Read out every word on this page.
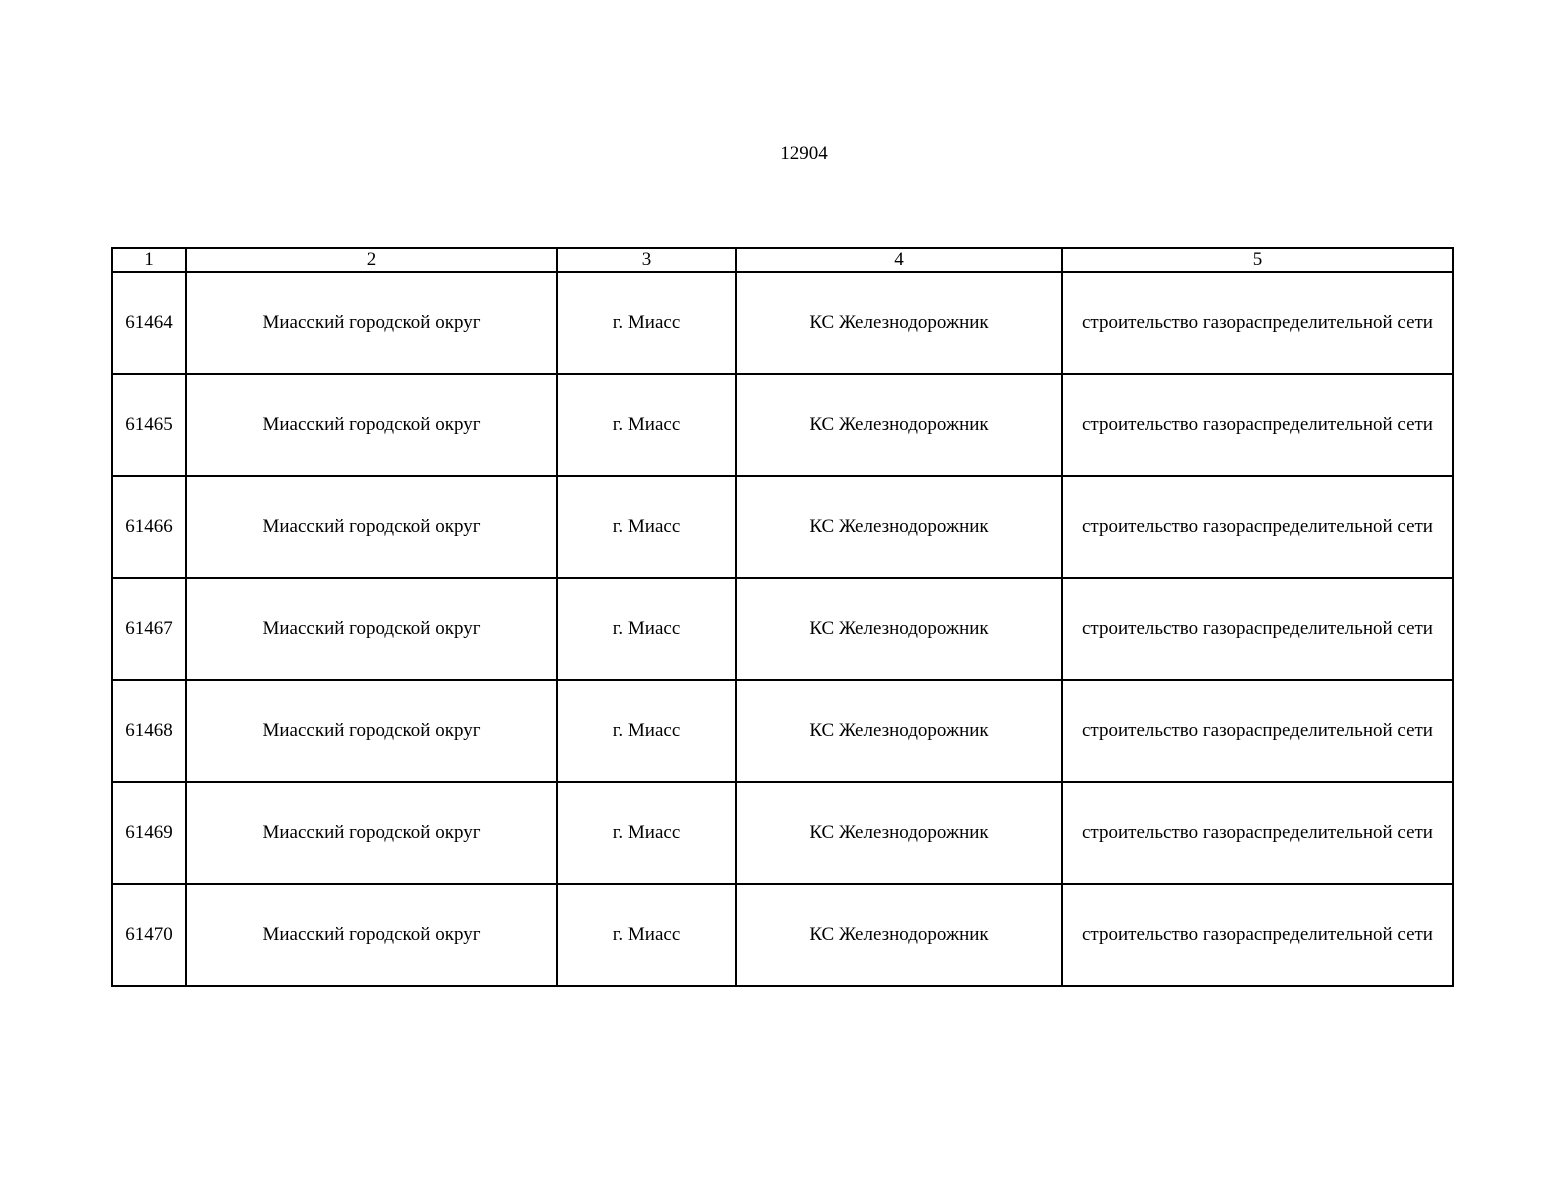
12904
1	2	3	4	5
61464	Миасский городской округ	г. Миасс	КС Железнодорожник	строительство газораспределительной сети
61465	Миасский городской округ	г. Миасс	КС Железнодорожник	строительство газораспределительной сети
61466	Миасский городской округ	г. Миасс	КС Железнодорожник	строительство газораспределительной сети
61467	Миасский городской округ	г. Миасс	КС Железнодорожник	строительство газораспределительной сети
61468	Миасский городской округ	г. Миасс	КС Железнодорожник	строительство газораспределительной сети
61469	Миасский городской округ	г. Миасс	КС Железнодорожник	строительство газораспределительной сети
61470	Миасский городской округ	г. Миасс	КС Железнодорожник	строительство газораспределительной сети
